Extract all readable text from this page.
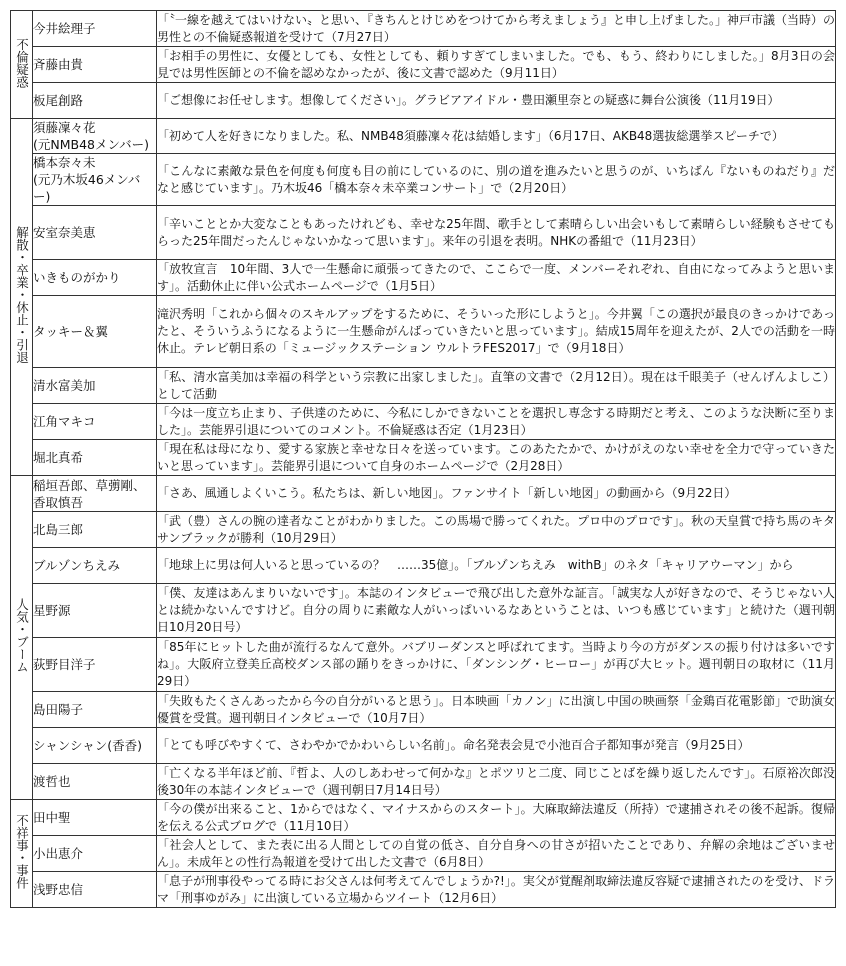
不倫疑惑	今井絵理子	「〝一線を越えてはいけない〟と思い、『きちんとけじめをつけてから考えましょう』と申し上げました。」神戸市議（当時）の男性との不倫疑惑報道を受けて（7月27日）

	斉藤由貴	「お相手の男性に、女優としても、女性としても、頼りすぎてしまいました。でも、もう、終わりにしました。」8月3日の会見では男性医師との不倫を認めなかったが、後に文書で認めた（9月11日）

	板尾創路	「ご想像にお任せします。想像してください」。グラビアアイドル・豊田瀬里奈との疑惑に舞台公演後（11月19日）

解散・卒業・休止・引退	須藤凜々花
(元NMB48メンバー)	「初めて人を好きになりました。私、NMB48須藤凜々花は結婚します」（6月17日、AKB48選抜総選挙スピーチで）

	橋本奈々未
(元乃木坂46メンバー)	「こんなに素敵な景色を何度も何度も目の前にしているのに、別の道を進みたいと思うのが、いちばん『ないものねだり』だなと感じています」。乃木坂46「橋本奈々未卒業コンサート」で（2月20日）

	安室奈美恵	「辛いこととか大変なこともあったけれども、幸せな25年間、歌手として素晴らしい出会いもして素晴らしい経験もさせてもらった25年間だったんじゃないかなって思います」。来年の引退を表明。NHKの番組で（11月23日）

	いきものがかり	「放牧宣言　10年間、3人で一生懸命に頑張ってきたので、ここらで一度、メンバーそれぞれ、自由になってみようと思います」。活動休止に伴い公式ホームページで（1月5日）

	タッキー＆翼	滝沢秀明「これから個々のスキルアップをするために、そういった形にしようと」。今井翼「この選択が最良のきっかけであったと、そういうふうになるように一生懸命がんばっていきたいと思っています」。結成15周年を迎えたが、2人での活動を一時休止。テレビ朝日系の「ミュージックステーション ウルトラFES2017」で（9月18日）

	清水富美加	「私、清水富美加は幸福の科学という宗教に出家しました」。直筆の文書で（2月12日）。現在は千眼美子（せんげんよしこ）として活動

	江角マキコ	「今は一度立ち止まり、子供達のために、今私にしかできないことを選択し専念する時期だと考え、このような決断に至りました」。芸能界引退についてのコメント。不倫疑惑は否定（1月23日）

	堀北真希	「現在私は母になり、愛する家族と幸せな日々を送っています。このあたたかで、かけがえのない幸せを全力で守っていきたいと思っています」。芸能界引退について自身のホームページで（2月28日）

人気・ブーム	稲垣吾郎、草彅剛、
香取慎吾	「さあ、風通しよくいこう。私たちは、新しい地図」。ファンサイト「新しい地図」の動画から（9月22日）

	北島三郎	「武（豊）さんの腕の達者なことがわかりました。この馬場で勝ってくれた。プロ中のプロです」。秋の天皇賞で持ち馬のキタサンブラックが勝利（10月29日）

	ブルゾンちえみ	「地球上に男は何人いると思っているの？　……35億」。「ブルゾンちえみ　withB」のネタ「キャリアウーマン」から

	星野源	「僕、友達はあんまりいないです」。本誌のインタビューで飛び出した意外な証言。「誠実な人が好きなので、そうじゃない人とは続かないんですけど。自分の周りに素敵な人がいっぱいいるなあということは、いつも感じています」と続けた（週刊朝日10月20日号）

	荻野目洋子	「85年にヒットした曲が流行るなんて意外。バブリーダンスと呼ばれてます。当時より今の方がダンスの振り付けは多いですね」。大阪府立登美丘高校ダンス部の踊りをきっかけに、「ダンシング・ヒーロー」が再び大ヒット。週刊朝日の取材に（11月29日）

	島田陽子	「失敗もたくさんあったから今の自分がいると思う」。日本映画「カノン」に出演し中国の映画祭「金鶏百花電影節」で助演女優賞を受賞。週刊朝日インタビューで（10月7日）

	シャンシャン(香香)	「とても呼びやすくて、さわやかでかわいらしい名前」。命名発表会見で小池百合子都知事が発言（9月25日）

	渡哲也	「亡くなる半年ほど前、『哲よ、人のしあわせって何かな』とポツリと二度、同じことばを繰り返したんです」。石原裕次郎没後30年の本誌インタビューで（週刊朝日7月14日号）

不祥事・事件	田中聖	「今の僕が出来ること、1からではなく、マイナスからのスタート」。大麻取締法違反（所持）で逮捕されその後不起訴。復帰を伝える公式ブログで（11月10日）

	小出恵介	「社会人として、また表に出る人間としての自覚の低さ、自分自身への甘さが招いたことであり、弁解の余地はございません」。未成年との性行為報道を受けて出した文書で（6月8日）

	浅野忠信	「息子が刑事役やってる時にお父さんは何考えてんでしょうか?!」。実父が覚醒剤取締法違反容疑で逮捕されたのを受け、ドラマ「刑事ゆがみ」に出演している立場からツイート（12月6日）
